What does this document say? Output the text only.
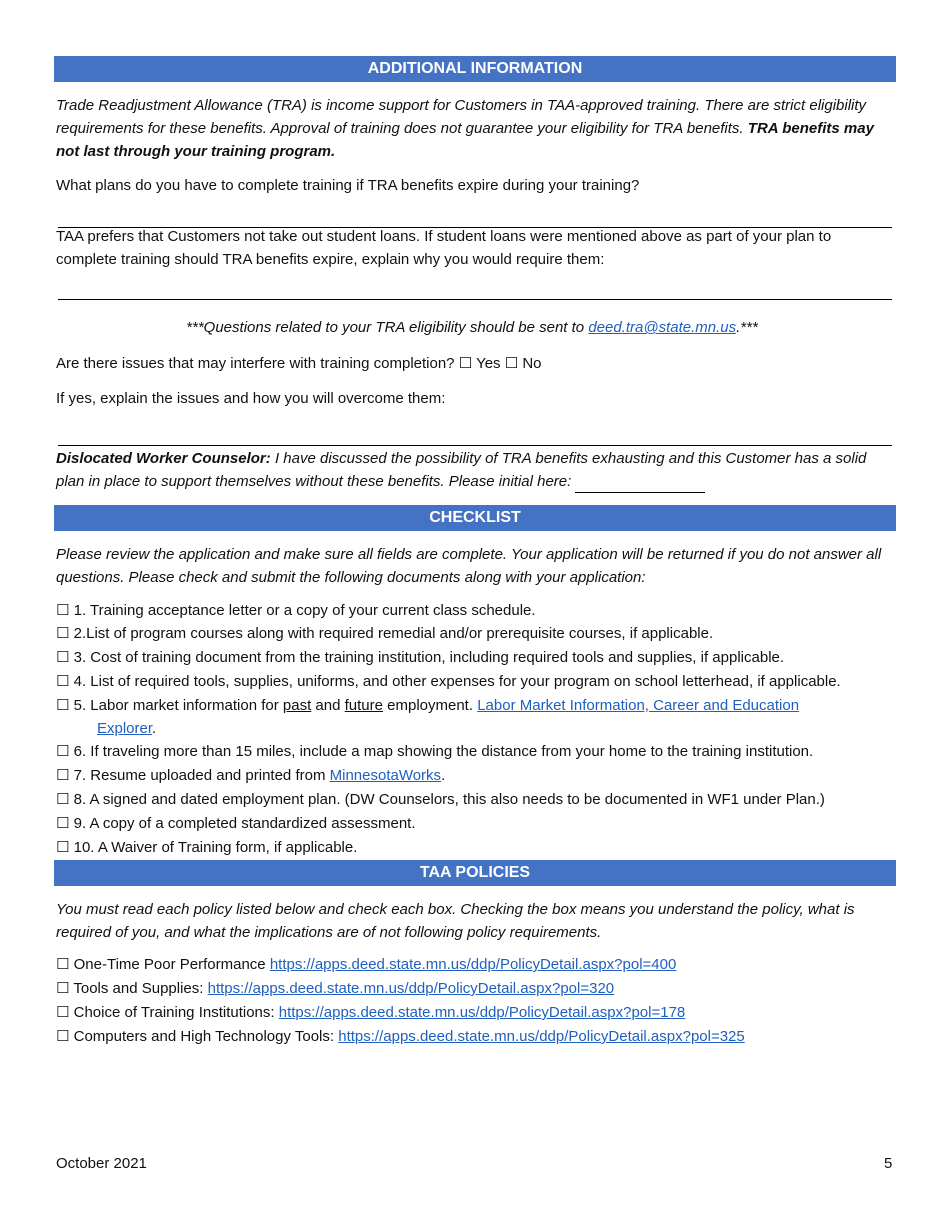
ADDITIONAL INFORMATION
Trade Readjustment Allowance (TRA) is income support for Customers in TAA-approved training. There are strict eligibility requirements for these benefits. Approval of training does not guarantee your eligibility for TRA benefits. TRA benefits may not last through your training program.
What plans do you have to complete training if TRA benefits expire during your training?
TAA prefers that Customers not take out student loans. If student loans were mentioned above as part of your plan to complete training should TRA benefits expire, explain why you would require them:
***Questions related to your TRA eligibility should be sent to deed.tra@state.mn.us.***
Are there issues that may interfere with training completion? ☐ Yes ☐ No
If yes, explain the issues and how you will overcome them:
Dislocated Worker Counselor: I have discussed the possibility of TRA benefits exhausting and this Customer has a solid plan in place to support themselves without these benefits. Please initial here:
CHECKLIST
Please review the application and make sure all fields are complete. Your application will be returned if you do not answer all questions. Please check and submit the following documents along with your application:
☐ 1. Training acceptance letter or a copy of your current class schedule.
☐ 2.List of program courses along with required remedial and/or prerequisite courses, if applicable.
☐ 3. Cost of training document from the training institution, including required tools and supplies, if applicable.
☐ 4. List of required tools, supplies, uniforms, and other expenses for your program on school letterhead, if applicable.
☐ 5. Labor market information for past and future employment. Labor Market Information, Career and Education
Explorer.
☐ 6. If traveling more than 15 miles, include a map showing the distance from your home to the training institution.
☐ 7. Resume uploaded and printed from MinnesotaWorks.
☐ 8. A signed and dated employment plan. (DW Counselors, this also needs to be documented in WF1 under Plan.)
☐ 9. A copy of a completed standardized assessment.
☐ 10. A Waiver of Training form, if applicable.
TAA POLICIES
You must read each policy listed below and check each box. Checking the box means you understand the policy, what is required of you, and what the implications are of not following policy requirements.
☐ One-Time Poor Performance https://apps.deed.state.mn.us/ddp/PolicyDetail.aspx?pol=400
☐ Tools and Supplies: https://apps.deed.state.mn.us/ddp/PolicyDetail.aspx?pol=320
☐ Choice of Training Institutions: https://apps.deed.state.mn.us/ddp/PolicyDetail.aspx?pol=178
☐ Computers and High Technology Tools: https://apps.deed.state.mn.us/ddp/PolicyDetail.aspx?pol=325
October 2021	5
